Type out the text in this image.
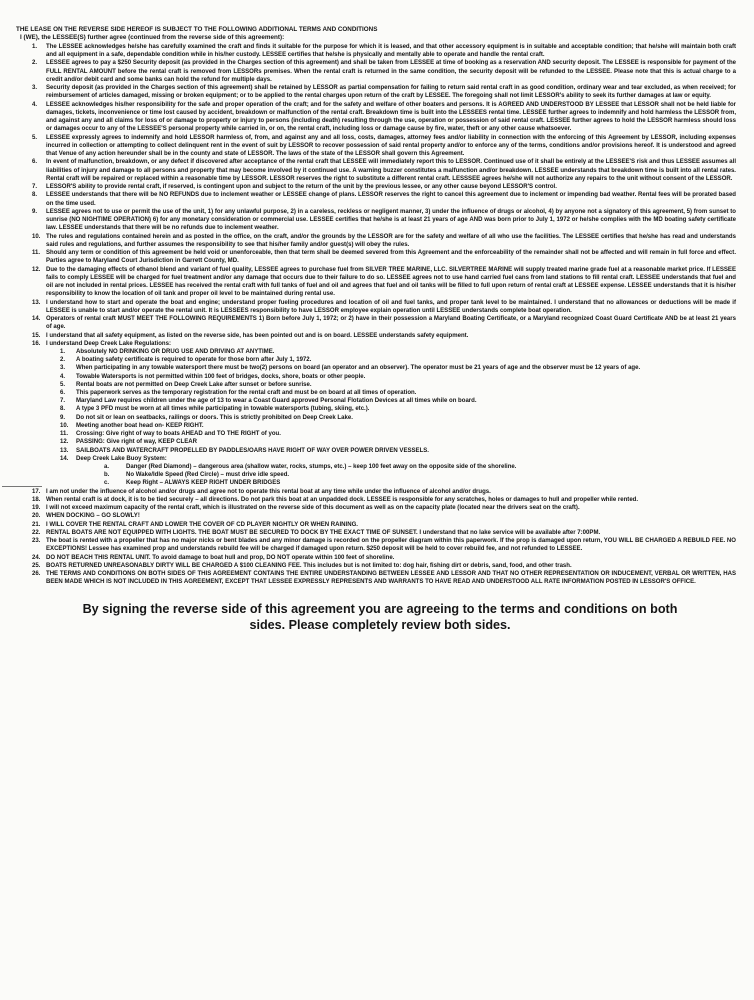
THE LEASE ON THE REVERSE SIDE HEREOF IS SUBJECT TO THE FOLLOWING ADDITIONAL TERMS AND CONDITIONS

I (WE), the LESSEE(S) further agree (continued from the reverse side of this agreement):

1.	The LESSEE acknowledges he/she has carefully examined the craft and finds it suitable for the purpose for which it is leased, and that other accessory equipment is in suitable and acceptable condition; that he/she will maintain both craft and all equipment in a safe, dependable condition while in his/her custody. LESSEE certifies that he/she is physically and mentally able to operate and handle the rental craft.
2.	LESSEE agrees to pay a $250 Security deposit (as provided in the Charges section of this agreement) and shall be taken from LESSEE at time of booking as a reservation AND security deposit. The LESSEE is responsible for payment of the FULL RENTAL AMOUNT before the rental craft is removed from LESSORs premises. When the rental craft is returned in the same condition, the security deposit will be refunded to the LESSEE. Please note that this is actual charge to a credit and/or debit card and some banks can hold the refund for multiple days.
3.	Security deposit (as provided in the Charges section of this agreement) shall be retained by LESSOR as partial compensation for failing to return said rental craft in as good condition, ordinary wear and tear excluded, as when received; for reimbursement of articles damaged, missing or broken equipment; or to be applied to the rental charges upon return of the craft by LESSEE. The foregoing shall not limit LESSOR's ability to seek its further damages at law or equity.
4.	LESSEE acknowledges his/her responsibility for the safe and proper operation of the craft; and for the safety and welfare of other boaters and persons. It is AGREED AND UNDERSTOOD BY LESSEE that LESSOR shall not be held liable for damages, tickets, inconvenience or time lost caused by accident, breakdown or malfunction of the rental craft. Breakdown time is built into the LESSEES rental time. LESSEE further agrees to indemnify and hold harmless the LESSOR from, and against any and all claims for loss of or damage to property or injury to persons (including death) resulting through the use, operation or possession of said rental craft. LESSEE further agrees to hold the LESSOR harmless should loss or damages occur to any of the LESSEE'S personal property while carried in, or on, the rental craft, including loss or damage cause by fire, water, theft or any other cause whatsoever.
5.	LESSEE expressly agrees to indemnify and hold LESSOR harmless of, from, and against any and all loss, costs, damages, attorney fees and/or liability in connection with the enforcing of this Agreement by LESSOR, including expenses incurred in collection or attempting to collect delinquent rent in the event of suit by LESSOR to recover possession of said rental property and/or to enforce any of the terms, conditions and/or provisions hereof. It is understood and agreed that Venue of any action hereunder shall be in the county and state of LESSOR. The laws of the state of the LESSOR shall govern this Agreement.
6.	In event of malfunction, breakdown, or any defect if discovered after acceptance of the rental craft that LESSEE will immediately report this to LESSOR. Continued use of it shall be entirely at the LESSEE'S risk and thus LESSEE assumes all liabilities of injury and damage to all persons and property that may become involved by it continued use. A warning buzzer constitutes a malfunction and/or breakdown. LESSEE understands that breakdown time is built into all rental rates. Rental craft will be repaired or replaced within a reasonable time by LESSOR. LESSOR reserves the right to substitute a different rental craft. LESSSEE agrees he/she will not authorize any repairs to the unit without consent of the LESSOR.
7.	LESSOR'S ability to provide rental craft, if reserved, is contingent upon and subject to the return of the unit by the previous lessee, or any other cause beyond LESSOR'S control.
8.	LESSEE understands that there will be NO REFUNDS due to inclement weather or LESSEE change of plans. LESSOR reserves the right to cancel this agreement due to inclement or impending bad weather. Rental fees will be prorated based on the time used.
9.	LESSEE agrees not to use or permit the use of the unit, 1) for any unlawful purpose, 2) in a careless, reckless or negligent manner, 3) under the influence of drugs or alcohol, 4) by anyone not a signatory of this agreement, 5) from sunset to sunrise (NO NIGHTIME OPERATION) 6) for any monetary consideration or commercial use. LESSEE certifies that he/she is at least 21 years of age AND was born prior to July 1, 1972 or he/she complies with the MD boating safety certificate law. LESSEE understands that there will be no refunds due to inclement weather.
10. The rules and regulations contained herein and as posted in the office, on the craft, and/or the grounds by the LESSOR are for the safety and welfare of all who use the facilities. The LESSEE certifies that he/she has read and understands said rules and regulations, and further assumes the responsibility to see that his/her family and/or guest(s) will obey the rules.
11. Should any term or condition of this agreement be held void or unenforceable, then that term shall be deemed severed from this Agreement and the enforceability of the remainder shall not be affected and will remain in full force and effect. Parties agree to Maryland Court Jurisdiction in Garrett County, MD.
12. Due to the damaging effects of ethanol blend and variant of fuel quality, LESSEE agrees to purchase fuel from SILVER TREE MARINE, LLC. SILVERTREE MARINE will supply treated marine grade fuel at a reasonable market price. If LESSEE fails to comply LESSEE will be charged for fuel treatment and/or any damage that occurs due to their failure to do so. LESSEE agrees not to use hand carried fuel cans from land stations to fill rental craft. LESSEE understands that fuel and oil are not included in rental prices. LESSEE has received the rental craft with full tanks of fuel and oil and agrees that fuel and oil tanks will be filled to full upon return of rental craft at LESSEE expense. LESSEE understands that it is his/her responsibility to know the location of oil tank and proper oil level to be maintained during rental use.
13. I understand how to start and operate the boat and engine; understand proper fueling procedures and location of oil and fuel tanks, and proper tank level to be maintained. I understand that no allowances or deductions will be made if LESSEE is unable to start and/or operate the rental unit. It is LESSEES responsibility to have LESSOR employee explain operation until LESSEE understands complete boat operation.
14. Operators of rental craft MUST MEET THE FOLLOWING REQUIREMENTS 1) Born before July 1, 1972; or 2) have in their possession a Maryland Boating Certificate, or a Maryland recognized Coast Guard Certificate AND be at least 21 years of age.
15. I understand that all safety equipment, as listed on the reverse side, has been pointed out and is on board. LESSEE understands safety equipment.
16. I understand Deep Creek Lake Regulations:
1.	Absolutely NO DRINKING OR DRUG USE AND DRIVING AT ANYTIME.
2.	A boating safety certificate is required to operate for those born after July 1, 1972.
3.	When participating in any towable watersport there must be two(2) persons on board (an operator and an observer). The operator must be 21 years of age and the observer must be 12 years of age.
4.	Towable Watersports is not permitted within 100 feet of bridges, docks, shore, boats or other people.
5.	Rental boats are not permitted on Deep Creek Lake after sunset or before sunrise.
6.	This paperwork serves as the temporary registration for the rental craft and must be on board at all times of operation.
7.	Maryland Law requires children under the age of 13 to wear a Coast Guard approved Personal Flotation Devices at all times while on board.
8.	A type 3 PFD must be worn at all times while participating in towable watersports (tubing, skiing, etc.).
9.	Do not sit or lean on seatbacks, railings or doors. This is strictly prohibited on Deep Creek Lake.
10.	Meeting another boat head on- KEEP RIGHT.
11.	Crossing: Give right of way to boats AHEAD and TO THE RIGHT of you.
12.	PASSING: Give right of way, KEEP CLEAR
13.	SAILBOATS AND WATERCRAFT PROPELLED BY PADDLES/OARS HAVE RIGHT OF WAY OVER POWER DRIVEN VESSELS.
14.	Deep Creek Lake Buoy System:
a.	Danger (Red Diamond) – dangerous area (shallow water, rocks, stumps, etc.) – keep 100 feet away on the opposite side of the shoreline.
b.	No Wake/Idle Speed (Red Circle) – must drive idle speed.
c.	Keep Right – ALWAYS KEEP RIGHT UNDER BRIDGES
17. I am not under the influence of alcohol and/or drugs and agree not to operate this rental boat at any time while under the influence of alcohol and/or drugs.
18. When rental craft is at dock, it is to be tied securely – all directions. Do not park this boat at an unpadded dock. LESSEE is responsible for any scratches, holes or damages to hull and propeller while rented.
19. I will not exceed maximum capacity of the rental craft, which is illustrated on the reverse side of this document as well as on the capacity plate (located near the drivers seat on the craft).
20. WHEN DOCKING – GO SLOWLY!
21. I WILL COVER THE RENTAL CRAFT AND LOWER THE COVER OF CD PLAYER NIGHTLY OR WHEN RAINING.
22. RENTAL BOATS ARE NOT EQUIPPED WITH LIGHTS. THE BOAT MUST BE SECURED TO DOCK BY THE EXACT TIME OF SUNSET. I understand that no lake service will be available after 7:00PM.
23. The boat is rented with a propeller that has no major nicks or bent blades and any minor damage is recorded on the propeller diagram within this paperwork. If the prop is damaged upon return, YOU WILL BE CHARGED A REBUILD FEE. NO EXCEPTIONS! Lessee has examined prop and understands rebuild fee will be charged if damaged upon return. $250 deposit will be held to cover rebuild fee, and not refunded to LESSEE.
24. DO NOT BEACH THIS RENTAL UNIT. To avoid damage to boat hull and prop, DO NOT operate within 100 feet of shoreline.
25. BOATS RETURNED UNREASONABLY DIRTY WILL BE CHARGED A $100 CLEANING FEE. This includes but is not limited to: dog hair, fishing dirt or debris, sand, food, and other trash.
26. THE TERMS AND CONDITIONS ON BOTH SIDES OF THIS AGREEMENT CONTAINS THE ENTIRE UNDERSTANDING BETWEEN LESSEE AND LESSOR AND THAT NO OTHER REPRESENTATION OR INDUCEMENT, VERBAL OR WRITTEN, HAS BEEN MADE WHICH IS NOT INCLUDED IN THIS AGREEMENT, EXCEPT THAT LESSEE EXPRESSLY REPRESENTS AND WARRANTS TO HAVE READ AND UNDERSTOOD ALL RATE INFORMATION POSTED IN LESSOR'S OFFICE.

By signing the reverse side of this agreement you are agreeing to the terms and conditions on both sides. Please completely review both sides.
